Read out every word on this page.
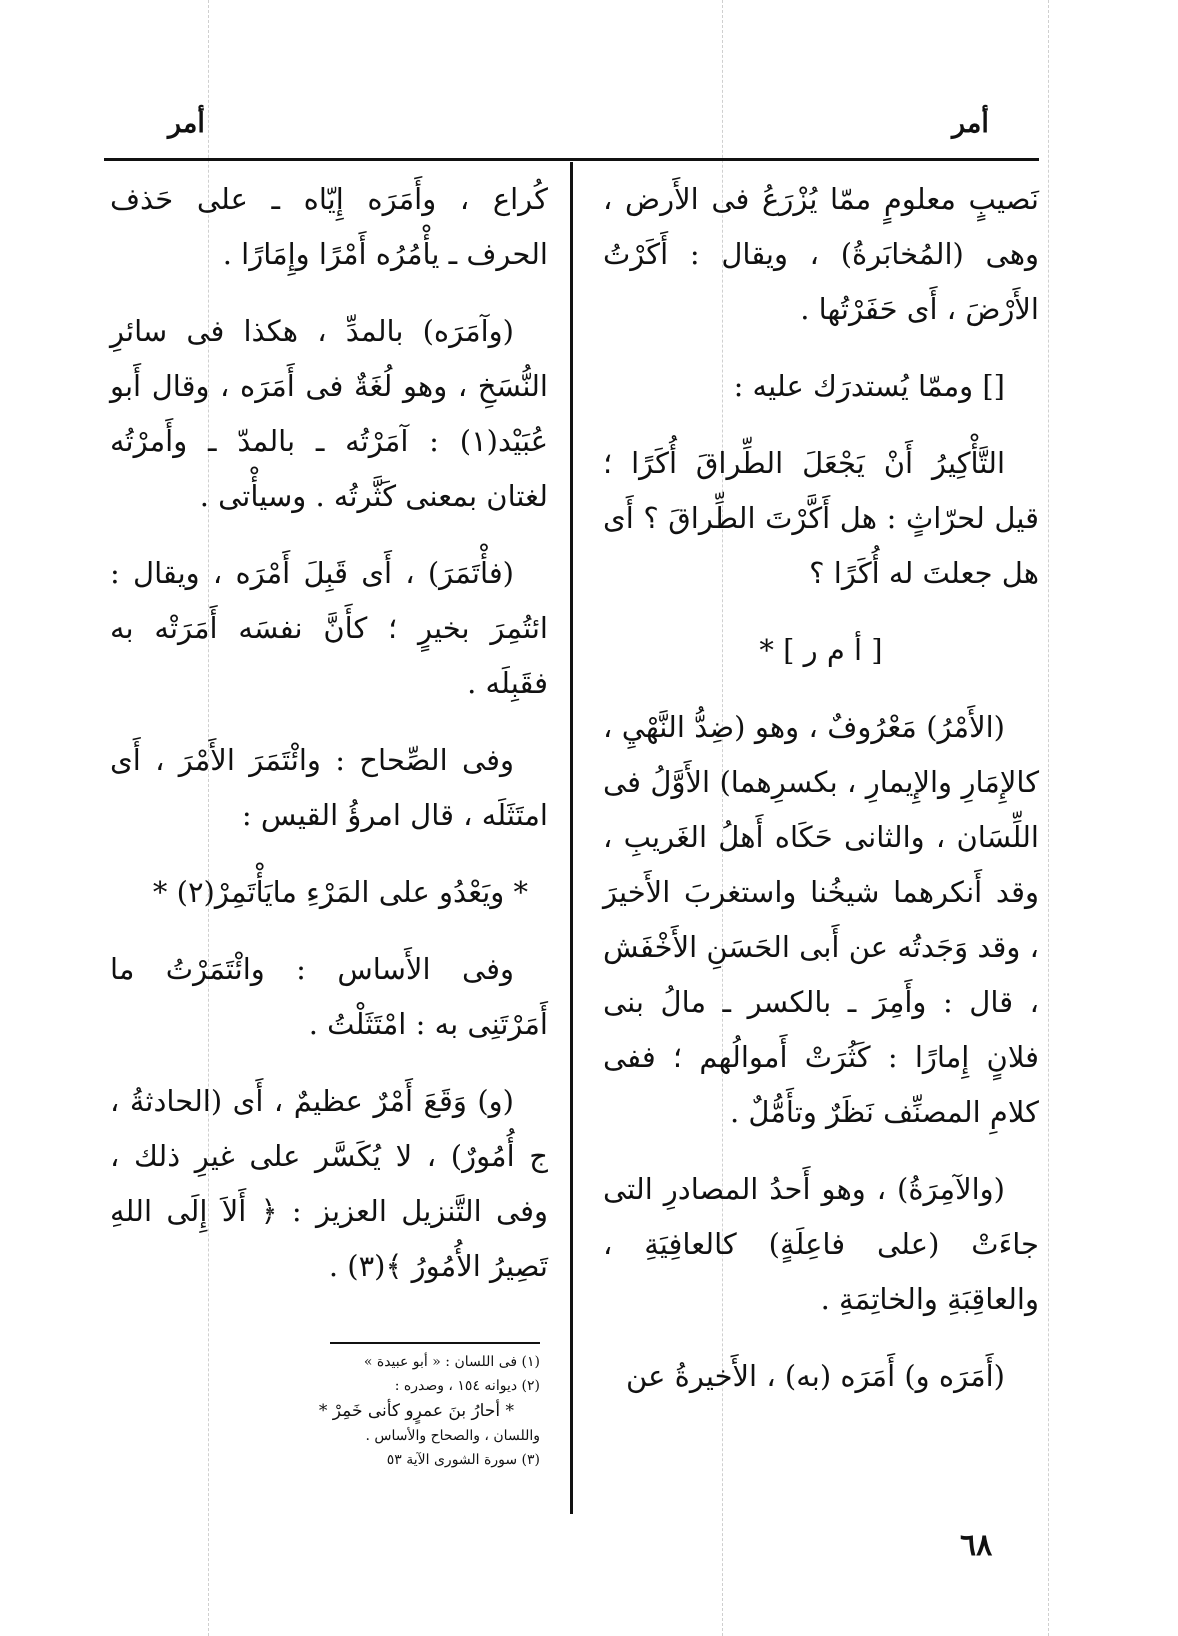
أمر
أمر

نَصيبٍ معلومٍ ممّا يُزْرَعُ فى الأَرض ، وهى (المُخابَرةُ) ، ويقال : أَكَرْتُ الأَرْضَ ، أَى حَفَرْتُها .

[] وممّا يُستدرَك عليه :

التَّأْكِيرُ أَنْ يَجْعَلَ الطِّراقَ أُكَرًا ؛ قيل لحرّاثٍ : هل أَكَّرْتَ الطِّراقَ ؟ أَى هل جعلتَ له أُكَرًا ؟

[ أ م ر ] *

(الأَمْرُ) مَعْرُوفٌ ، وهو (ضِدُّ النَّهْيِ ، كالإِمَارِ والإِيمارِ ، بكسرِهما) الأَوَّلُ فى اللِّسَان ، والثانى حَكَاه أَهلُ الغَريبِ ، وقد أَنكرهما شيخُنا واستغربَ الأَخيرَ ، وقد وَجَدتُه عن أَبى الحَسَنِ الأَخْفَش ، قال : وأَمِرَ ـ بالكسر ـ مالُ بنى فلانٍ إِمارًا : كَثُرَتْ أَموالُهم ؛ ففى كلامِ المصنِّف نَظَرٌ وتأَمُّلٌ .

(والآمِرَةُ) ، وهو أَحدُ المصادرِ التى جاءَتْ (على فاعِلَةٍ) كالعافِيَةِ ، والعاقِبَةِ والخاتِمَةِ .

(أَمَرَه و) أَمَرَه (به) ، الأَخيرةُ عن

كُراع ، وأَمَرَه إِيّاه ـ على حَذف الحرف ـ يأْمُرُه أَمْرًا وإِمَارًا .

(وآمَرَه) بالمدِّ ، هكذا فى سائرِ النُّسَخِ ، وهو لُغَةٌ فى أَمَرَه ، وقال أَبو عُبَيْد(١) : آمَرْتُه ـ بالمدّ ـ وأَمرْتُه لغتان بمعنى كَثَّرتُه . وسيأْتى .

(فأْتَمَرَ) ، أَى قَبِلَ أَمْرَه ، ويقال : ائتُمِرَ بخيرٍ ؛ كأَنَّ نفسَه أَمَرَتْه به فقَبِلَه .

وفى الصِّحاح : وائْتَمَرَ الأَمْرَ ، أَى امتَثَلَه ، قال امرؤُ القيس :

* ويَعْدُو على المَرْءِ مايَأْتَمِرْ(٢) *

وفى الأَساس : وائْتَمَرْتُ ما أَمَرْتَنِى به : امْتَثَلْتُ .

(و) وَقَعَ أَمْرٌ عظيمٌ ، أَى (الحادثةُ ، ج أُمُورٌ) ، لا يُكَسَّر على غيرِ ذلك ، وفى التَّنزيل العزيز : ﴿ أَلاَ إِلَى اللهِ تَصِيرُ الأُمُورُ ﴾(٣) .

(١) فى اللسان : « أبو عبيدة »
(٢) ديوانه ١٥٤ ، وصدره :
* أحارُ بنَ عمرٍو كأنى خَمِرْ *
واللسان ، والصحاح والأساس .
(٣) سورة الشورى الآية ٥٣
٦٨
